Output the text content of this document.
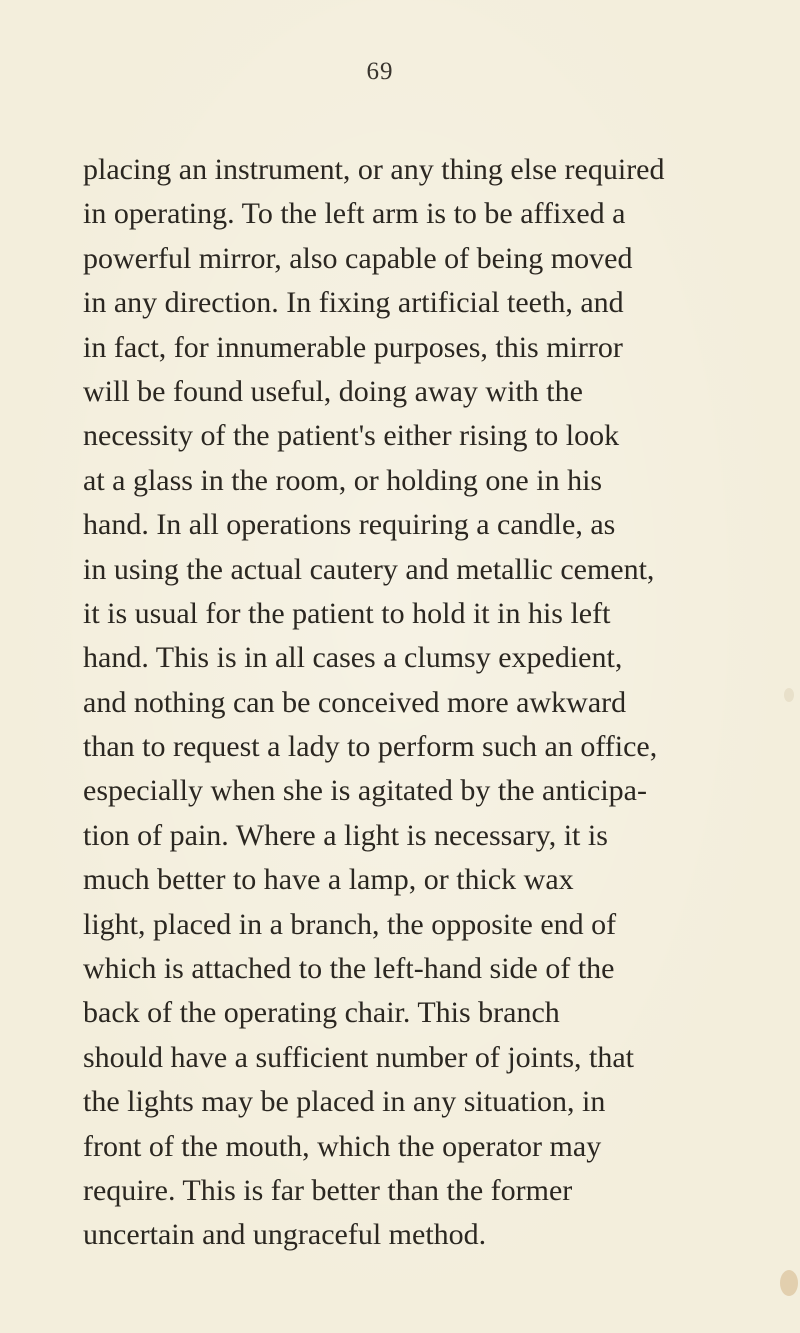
69
placing an instrument, or any thing else required
in operating. To the left arm is to be affixed a
powerful mirror, also capable of being moved
in any direction. In fixing artificial teeth, and
in fact, for innumerable purposes, this mirror
will be found useful, doing away with the
necessity of the patient's either rising to look
at a glass in the room, or holding one in his
hand. In all operations requiring a candle, as
in using the actual cautery and metallic cement,
it is usual for the patient to hold it in his left
hand. This is in all cases a clumsy expedient,
and nothing can be conceived more awkward
than to request a lady to perform such an office,
especially when she is agitated by the anticipa-
tion of pain. Where a light is necessary, it is
much better to have a lamp, or thick wax
light, placed in a branch, the opposite end of
which is attached to the left-hand side of the
back of the operating chair. This branch
should have a sufficient number of joints, that
the lights may be placed in any situation, in
front of the mouth, which the operator may
require. This is far better than the former
uncertain and ungraceful method.
